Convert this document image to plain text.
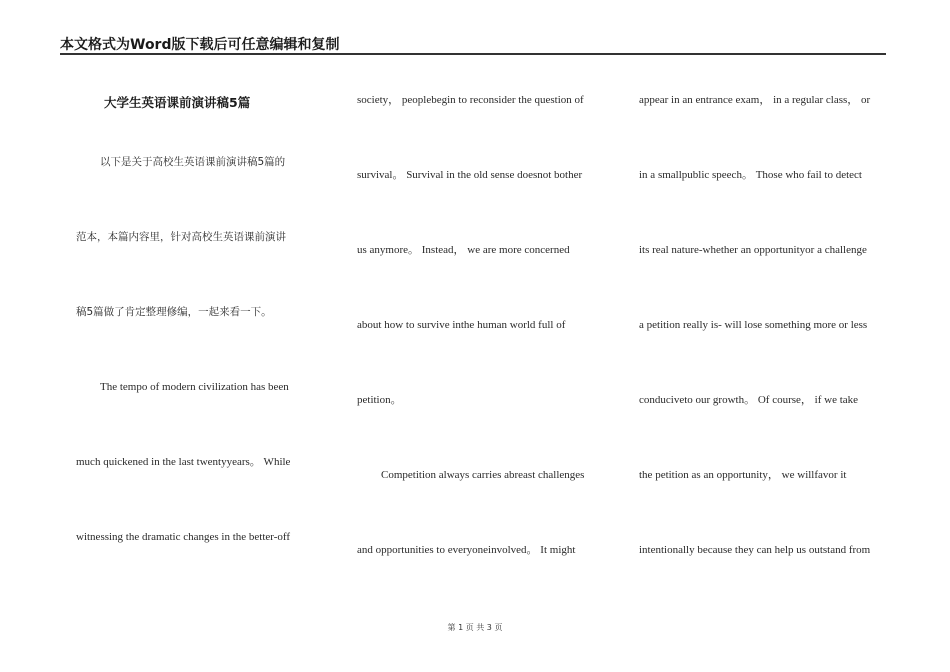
本文格式为Word版下载后可任意编辑和复制
大学生英语课前演讲稿5篇
以下是关于高校生英语课前演讲稿5篇的
范本，本篇内容里，针对高校生英语课前演讲
稿5篇做了肯定整理修编，一起来看一下。
The tempo of modern civilization has been
much quickened in the last twentyyears。 While
witnessing the dramatic changes in the better-off
society， peoplebegin to reconsider the question of
survival。 Survival in the old sense doesnot bother
us anymore。 Instead， we are more concerned
about how to survive inthe human world full of
petition。
Competition always carries abreast challenges
and opportunities to everyoneinvolved。 It might
appear in an entrance exam， in a regular class， or
in a smallpublic speech。 Those who fail to detect
its real nature-whether an opportunityor a challenge
a petition really is- will lose something more or less
conduciveto our growth。 Of course， if we take
the petition as an opportunity， we willfavor it
intentionally because they can help us outstand from
第 1 页 共 3 页
